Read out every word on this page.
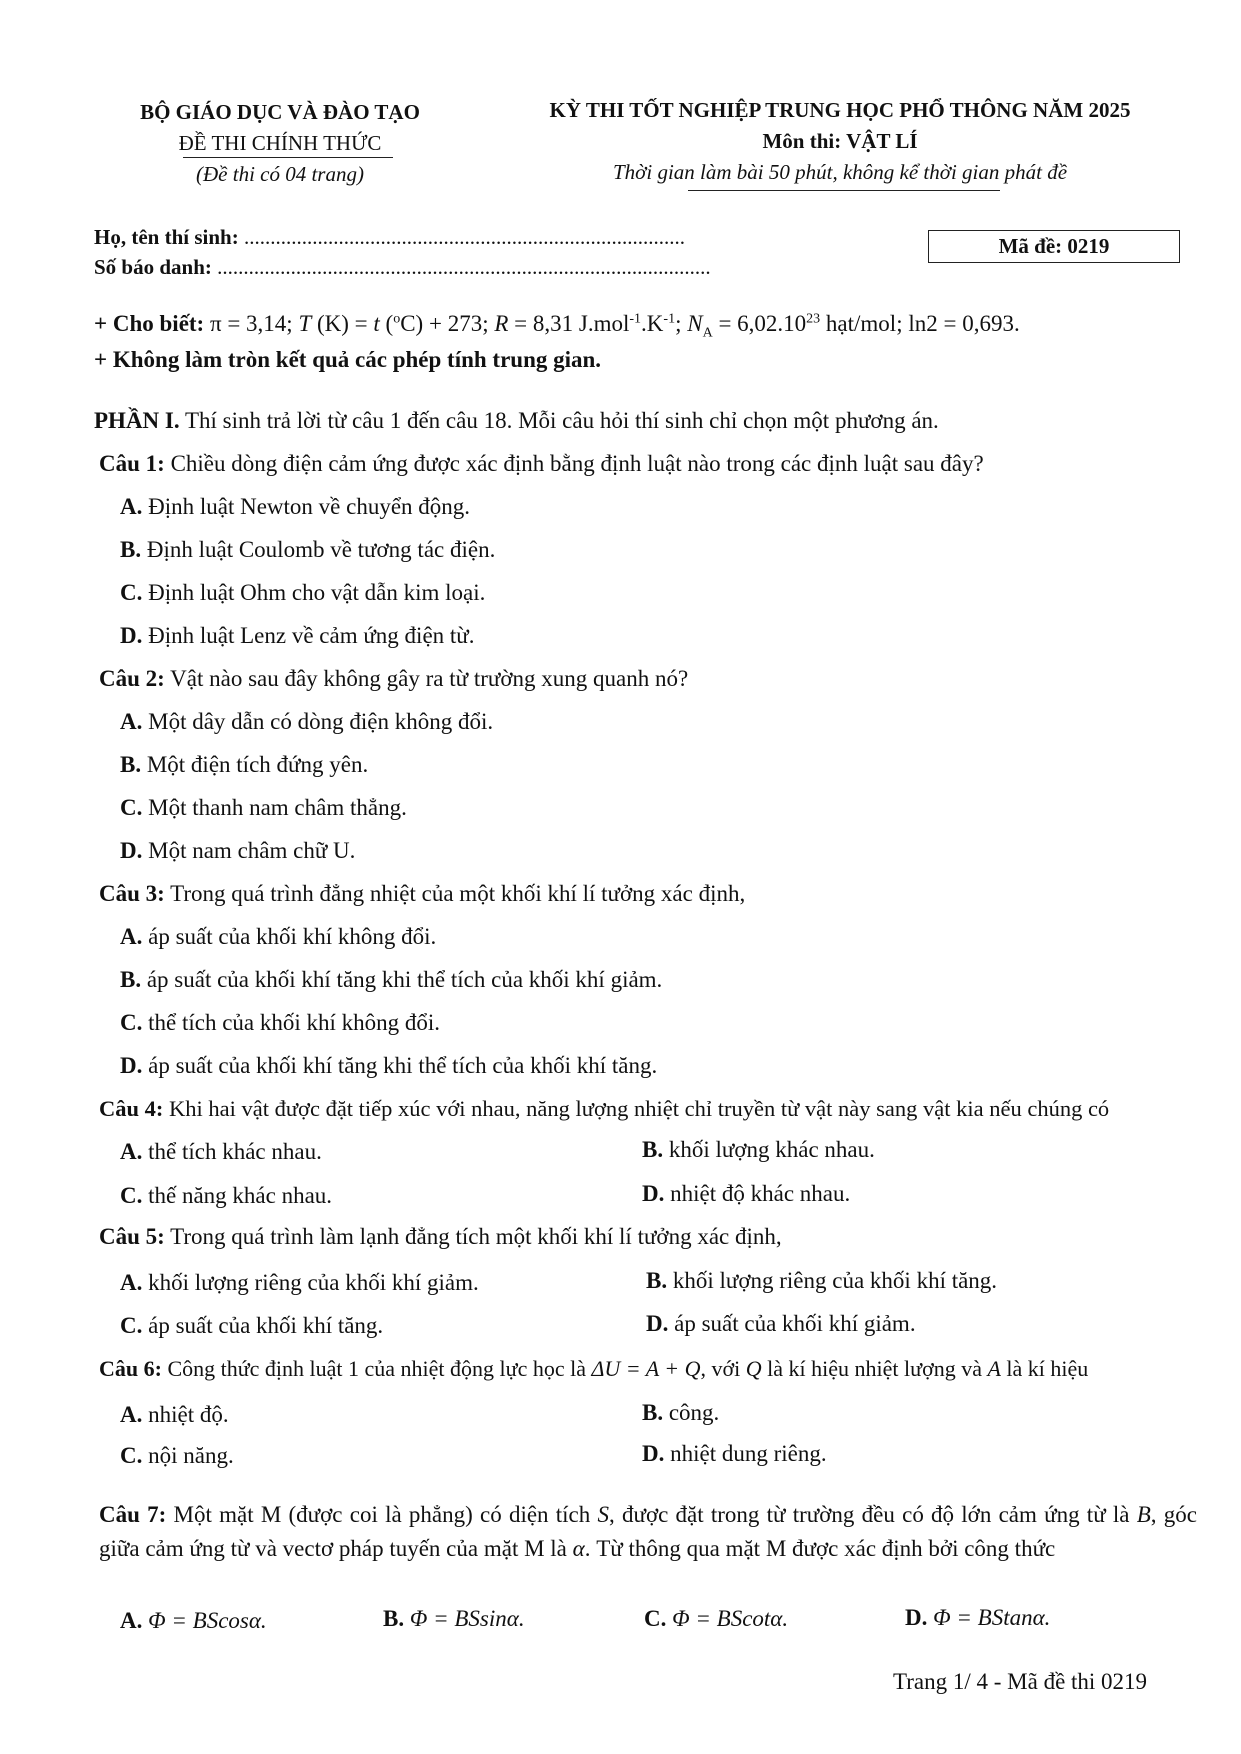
BỘ GIÁO DỤC VÀ ĐÀO TẠO
ĐỀ THI CHÍNH THỨC
(Đề thi có 04 trang)
KỲ THI TỐT NGHIỆP TRUNG HỌC PHỔ THÔNG NĂM 2025
Môn thi: VẬT LÍ
Thời gian làm bài 50 phút, không kể thời gian phát đề
Họ, tên thí sinh: ....................................................................................
Số báo danh: ..............................................................................................
Mã đề: 0219
+ Cho biết: π = 3,14; T (K) = t ($^o$C) + 273; R = 8,31 $J.mol^{-1}.K^{-1}$; $N_A = 6,02.10^{23}$ hạt/mol; ln2 = 0,693.
+ Không làm tròn kết quả các phép tính trung gian.
PHẦN I. Thí sinh trả lời từ câu 1 đến câu 18. Mỗi câu hỏi thí sinh chỉ chọn một phương án.
Câu 1: Chiều dòng điện cảm ứng được xác định bằng định luật nào trong các định luật sau đây?
A. Định luật Newton về chuyển động.
B. Định luật Coulomb về tương tác điện.
C. Định luật Ohm cho vật dẫn kim loại.
D. Định luật Lenz về cảm ứng điện từ.
Câu 2: Vật nào sau đây không gây ra từ trường xung quanh nó?
A. Một dây dẫn có dòng điện không đổi.
B. Một điện tích đứng yên.
C. Một thanh nam châm thẳng.
D. Một nam châm chữ U.
Câu 3: Trong quá trình đẳng nhiệt của một khối khí lí tưởng xác định,
A. áp suất của khối khí không đổi.
B. áp suất của khối khí tăng khi thể tích của khối khí giảm.
C. thể tích của khối khí không đổi.
D. áp suất của khối khí tăng khi thể tích của khối khí tăng.
Câu 4: Khi hai vật được đặt tiếp xúc với nhau, năng lượng nhiệt chỉ truyền từ vật này sang vật kia nếu chúng có
A. thể tích khác nhau.	B. khối lượng khác nhau.
C. thế năng khác nhau.	D. nhiệt độ khác nhau.
Câu 5: Trong quá trình làm lạnh đẳng tích một khối khí lí tưởng xác định,
A. khối lượng riêng của khối khí giảm.	B. khối lượng riêng của khối khí tăng.
C. áp suất của khối khí tăng.	D. áp suất của khối khí giảm.
Câu 6: Công thức định luật 1 của nhiệt động lực học là ΔU = A + Q, với Q là kí hiệu nhiệt lượng và A là kí hiệu
A. nhiệt độ.	B. công.
C. nội năng.	D. nhiệt dung riêng.
Câu 7: Một mặt M (được coi là phẳng) có diện tích S, được đặt trong từ trường đều có độ lớn cảm ứng từ là B, góc giữa cảm ứng từ và vectơ pháp tuyến của mặt M là α. Từ thông qua mặt M được xác định bởi công thức
A. Φ = BScosα.	B. Φ = BSsinα.	C. Φ = BScotα.	D. Φ = BStanα.
Trang 1/ 4 - Mã đề thi 0219
